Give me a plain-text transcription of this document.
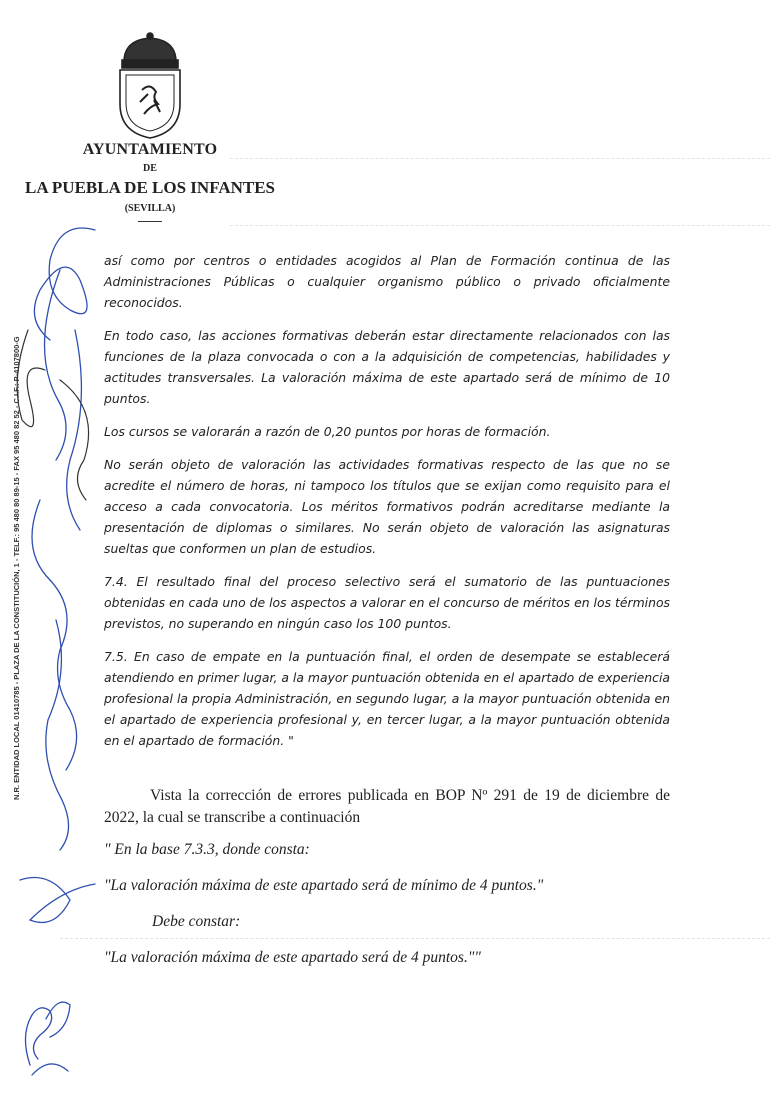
AYUNTAMIENTO
DE
LA PUEBLA DE LOS INFANTES
(SEVILLA)
N.R. ENTIDAD LOCAL 01410785 - PLAZA DE LA CONSTITUCIÓN, 1 - TELF.: 95 480 80 89-15 - FAX 95 480 82 52 - C.I.F.: P-4107800-G

así como por centros o entidades acogidos al Plan de Formación continua de las Administraciones Públicas o cualquier organismo público o privado oficialmente reconocidos.

En todo caso, las acciones formativas deberán estar directamente relacionados con las funciones de la plaza convocada o con a la adquisición de competencias, habilidades y actitudes transversales. La valoración máxima de este apartado será de mínimo de 10 puntos.

Los cursos se valorarán a razón de 0,20 puntos por horas de formación.

No serán objeto de valoración las actividades formativas respecto de las que no se acredite el número de horas, ni tampoco los títulos que se exijan como requisito para el acceso a cada convocatoria. Los méritos formativos podrán acreditarse mediante la presentación de diplomas o similares. No serán objeto de valoración las asignaturas sueltas que conformen un plan de estudios.

7.4. El resultado final del proceso selectivo será el sumatorio de las puntuaciones obtenidas en cada uno de los aspectos a valorar en el concurso de méritos en los términos previstos, no superando en ningún caso los 100 puntos.

7.5. En caso de empate en la puntuación final, el orden de desempate se establecerá atendiendo en primer lugar, a la mayor puntuación obtenida en el apartado de experiencia profesional la propia Administración, en segundo lugar, a la mayor puntuación obtenida en el apartado de experiencia profesional y, en tercer lugar, a la mayor puntuación obtenida en el apartado de formación. "

Vista la corrección de errores publicada en BOP Nº 291 de 19 de diciembre de 2022, la cual se transcribe a continuación

" En la base 7.3.3, donde consta:

"La valoración máxima de este apartado será de mínimo de 4 puntos."

Debe constar:

"La valoración máxima de este apartado será de 4 puntos.""
